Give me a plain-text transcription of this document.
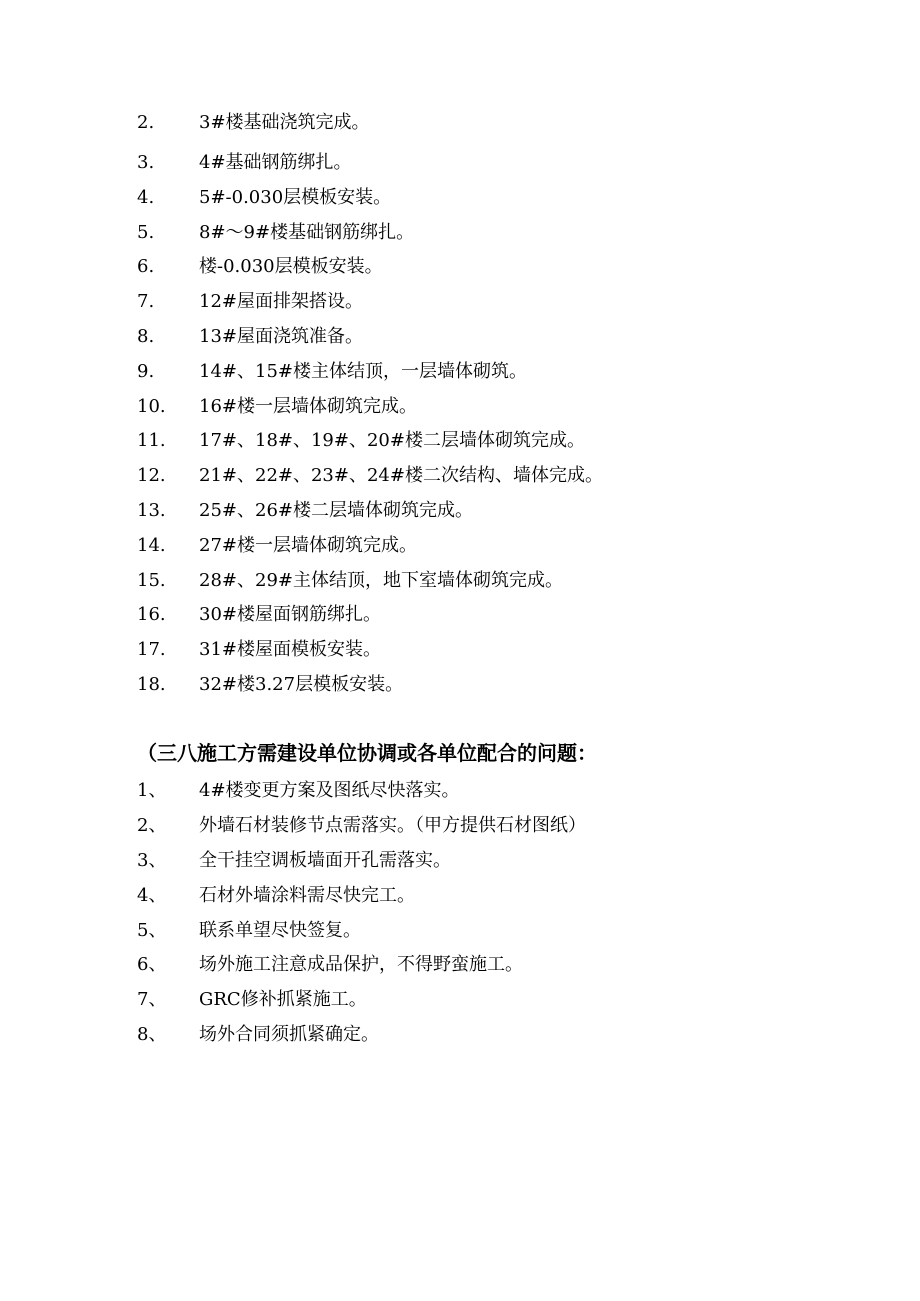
2. 3#楼基础浇筑完成。
3. 4#基础钢筋绑扎。
4. 5#-0.030层模板安装。
5. 8#～9#楼基础钢筋绑扎。
6. 楼-0.030层模板安装。
7. 12#屋面排架搭设。
8. 13#屋面浇筑准备。
9. 14#、15#楼主体结顶，一层墙体砌筑。
10. 16#楼一层墙体砌筑完成。
11. 17#、18#、19#、20#楼二层墙体砌筑完成。
12. 21#、22#、23#、24#楼二次结构、墙体完成。
13. 25#、26#楼二层墙体砌筑完成。
14. 27#楼一层墙体砌筑完成。
15. 28#、29#主体结顶，地下室墙体砌筑完成。
16. 30#楼屋面钢筋绑扎。
17. 31#楼屋面模板安装。
18. 32#楼3.27层模板安装。
（三八施工方需建设单位协调或各单位配合的问题：
1、 4#楼变更方案及图纸尽快落实。
2、 外墙石材装修节点需落实。（甲方提供石材图纸）
3、 全干挂空调板墙面开孔需落实。
4、 石材外墙涂料需尽快完工。
5、 联系单望尽快签复。
6、 场外施工注意成品保护，不得野蛮施工。
7、 GRC修补抓紧施工。
8、 场外合同须抓紧确定。
